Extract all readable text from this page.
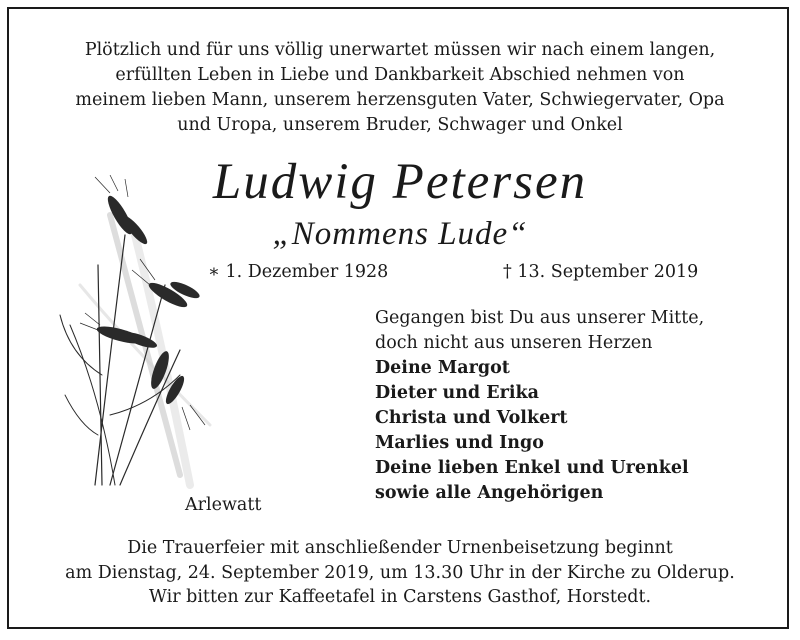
Plötzlich und für uns völlig unerwartet müssen wir nach einem langen,
erfüllten Leben in Liebe und Dankbarkeit Abschied nehmen von
meinem lieben Mann, unserem herzensguten Vater, Schwiegervater, Opa
und Uropa, unserem Bruder, Schwager und Onkel
Ludwig Petersen
„Nommens Lude“
∗ 1. Dezember 1928	† 13. September 2019
Gegangen bist Du aus unserer Mitte,
doch nicht aus unseren Herzen
Deine Margot
Dieter und Erika
Christa und Volkert
Marlies und Ingo
Deine lieben Enkel und Urenkel
sowie alle Angehörigen
Arlewatt
Die Trauerfeier mit anschließender Urnenbeisetzung beginnt
am Dienstag, 24. September 2019, um 13.30 Uhr in der Kirche zu Olderup.
Wir bitten zur Kaffeetafel in Carstens Gasthof, Horstedt.
